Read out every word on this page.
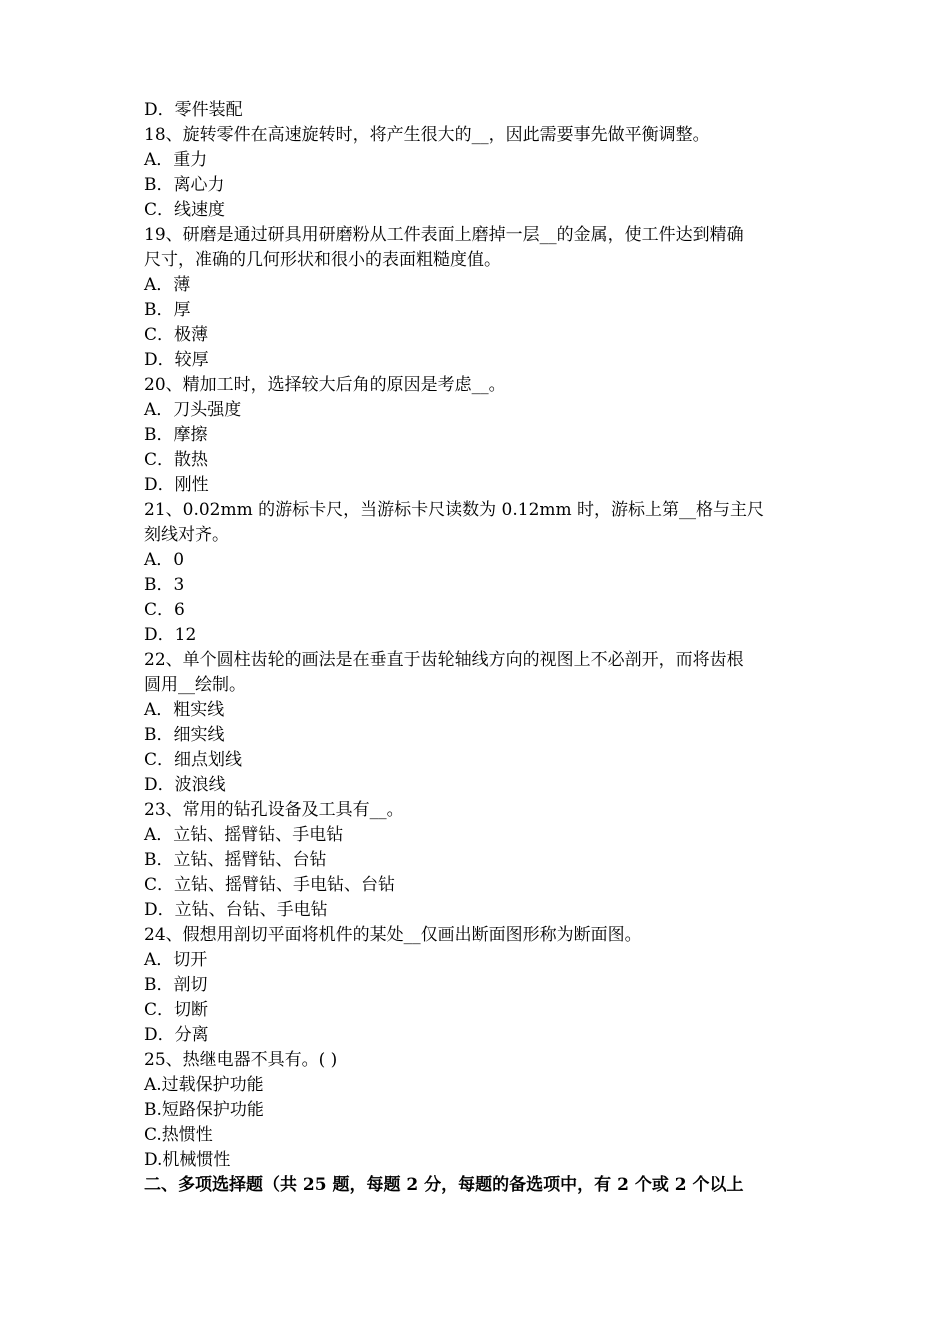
D．零件装配
18、旋转零件在高速旋转时，将产生很大的__，因此需要事先做平衡调整。
A．重力
B．离心力
C．线速度
19、研磨是通过研具用研磨粉从工件表面上磨掉一层__的金属，使工件达到精确
尺寸，准确的几何形状和很小的表面粗糙度值。
A．薄
B．厚
C．极薄
D．较厚
20、精加工时，选择较大后角的原因是考虑__。
A．刀头强度
B．摩擦
C．散热
D．刚性
21、0.02mm 的游标卡尺，当游标卡尺读数为 0.12mm 时，游标上第__格与主尺
刻线对齐。
A．0
B．3
C．6
D．12
22、单个圆柱齿轮的画法是在垂直于齿轮轴线方向的视图上不必剖开，而将齿根
圆用__绘制。
A．粗实线
B．细实线
C．细点划线
D．波浪线
23、常用的钻孔设备及工具有__。
A．立钻、摇臂钻、手电钻
B．立钻、摇臂钻、台钻
C．立钻、摇臂钻、手电钻、台钻
D．立钻、台钻、手电钻
24、假想用剖切平面将机件的某处__仅画出断面图形称为断面图。
A．切开
B．剖切
C．切断
D．分离
25、热继电器不具有。( )
A.过载保护功能
B.短路保护功能
C.热惯性
D.机械惯性
二、多项选择题（共 25 题，每题 2 分，每题的备选项中，有 2 个或 2 个以上
